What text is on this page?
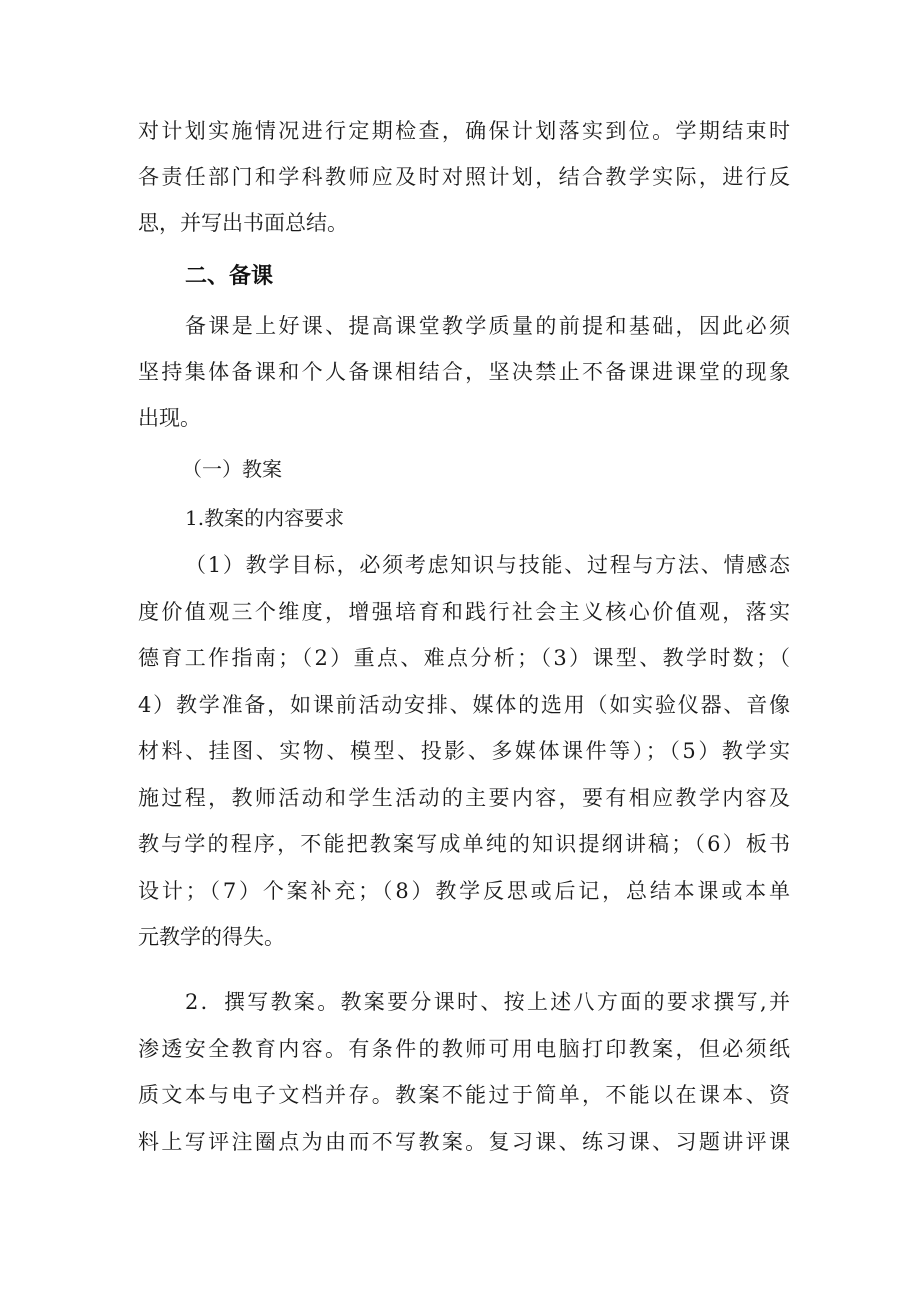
对计划实施情况进行定期检查，确保计划落实到位。学期结束时
各责任部门和学科教师应及时对照计划，结合教学实际，进行反
思，并写出书面总结。
二、备课
备课是上好课、提高课堂教学质量的前提和基础，因此必须
坚持集体备课和个人备课相结合，坚决禁止不备课进课堂的现象
出现。
（一）教案
1.教案的内容要求
（1）教学目标，必须考虑知识与技能、过程与方法、情感态
度价值观三个维度，增强培育和践行社会主义核心价值观，落实
德育工作指南；（2）重点、难点分析；（3）课型、教学时数；（
4）教学准备，如课前活动安排、媒体的选用（如实验仪器、音像
材料、挂图、实物、模型、投影、多媒体课件等）；（5）教学实
施过程，教师活动和学生活动的主要内容，要有相应教学内容及
教与学的程序，不能把教案写成单纯的知识提纲讲稿；（6）板书
设计；（7）个案补充；（8）教学反思或后记，总结本课或本单
元教学的得失。
2．撰写教案。教案要分课时、按上述八方面的要求撰写,并
渗透安全教育内容。有条件的教师可用电脑打印教案，但必须纸
质文本与电子文档并存。教案不能过于简单，不能以在课本、资
料上写评注圈点为由而不写教案。复习课、练习课、习题讲评课
